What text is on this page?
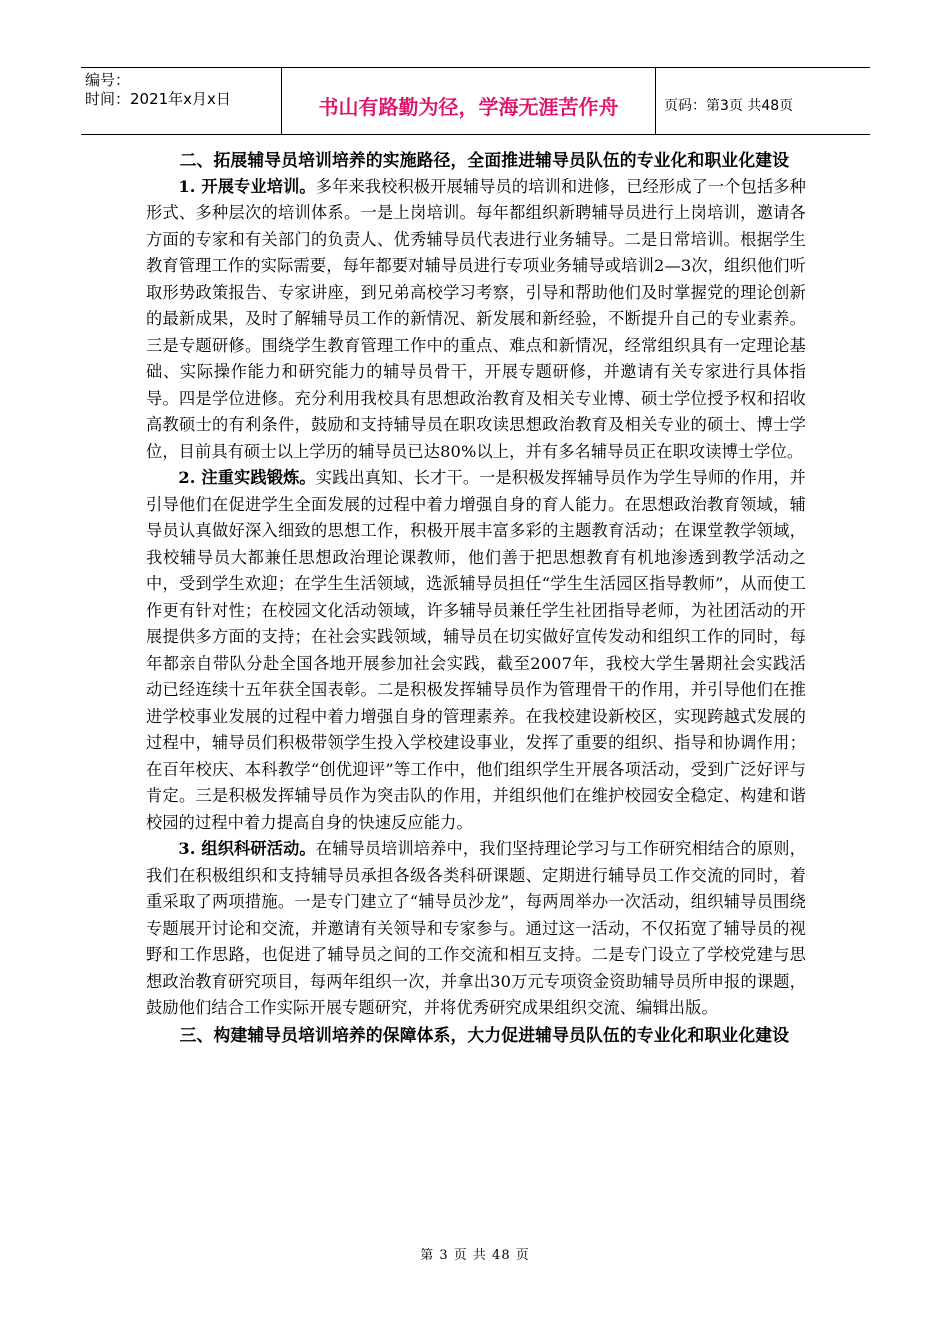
编号：
时间：2021年x月x日	书山有路勤为径，学海无涯苦作舟	页码：第3页 共48页

二、拓展辅导员培训培养的实施路径，全面推进辅导员队伍的专业化和职业化建设

1. 开展专业培训。多年来我校积极开展辅导员的培训和进修，已经形成了一个包括多种形式、多种层次的培训体系。一是上岗培训。每年都组织新聘辅导员进行上岗培训，邀请各方面的专家和有关部门的负责人、优秀辅导员代表进行业务辅导。二是日常培训。根据学生教育管理工作的实际需要，每年都要对辅导员进行专项业务辅导或培训2—3次，组织他们听取形势政策报告、专家讲座，到兄弟高校学习考察，引导和帮助他们及时掌握党的理论创新的最新成果，及时了解辅导员工作的新情况、新发展和新经验，不断提升自己的专业素养。三是专题研修。围绕学生教育管理工作中的重点、难点和新情况，经常组织具有一定理论基础、实际操作能力和研究能力的辅导员骨干，开展专题研修，并邀请有关专家进行具体指导。四是学位进修。充分利用我校具有思想政治教育及相关专业博、硕士学位授予权和招收高教硕士的有利条件，鼓励和支持辅导员在职攻读思想政治教育及相关专业的硕士、博士学位，目前具有硕士以上学历的辅导员已达80%以上，并有多名辅导员正在职攻读博士学位。

2. 注重实践锻炼。实践出真知、长才干。一是积极发挥辅导员作为学生导师的作用，并引导他们在促进学生全面发展的过程中着力增强自身的育人能力。在思想政治教育领域，辅导员认真做好深入细致的思想工作，积极开展丰富多彩的主题教育活动；在课堂教学领域，我校辅导员大都兼任思想政治理论课教师，他们善于把思想教育有机地渗透到教学活动之中，受到学生欢迎；在学生生活领域，选派辅导员担任“学生生活园区指导教师”，从而使工作更有针对性；在校园文化活动领域，许多辅导员兼任学生社团指导老师，为社团活动的开展提供多方面的支持；在社会实践领域，辅导员在切实做好宣传发动和组织工作的同时，每年都亲自带队分赴全国各地开展参加社会实践，截至2007年，我校大学生暑期社会实践活动已经连续十五年获全国表彰。二是积极发挥辅导员作为管理骨干的作用，并引导他们在推进学校事业发展的过程中着力增强自身的管理素养。在我校建设新校区，实现跨越式发展的过程中，辅导员们积极带领学生投入学校建设事业，发挥了重要的组织、指导和协调作用；在百年校庆、本科教学“创优迎评”等工作中，他们组织学生开展各项活动，受到广泛好评与肯定。三是积极发挥辅导员作为突击队的作用，并组织他们在维护校园安全稳定、构建和谐校园的过程中着力提高自身的快速反应能力。

3. 组织科研活动。在辅导员培训培养中，我们坚持理论学习与工作研究相结合的原则，我们在积极组织和支持辅导员承担各级各类科研课题、定期进行辅导员工作交流的同时，着重采取了两项措施。一是专门建立了“辅导员沙龙”，每两周举办一次活动，组织辅导员围绕专题展开讨论和交流，并邀请有关领导和专家参与。通过这一活动，不仅拓宽了辅导员的视野和工作思路，也促进了辅导员之间的工作交流和相互支持。二是专门设立了学校党建与思想政治教育研究项目，每两年组织一次，并拿出30万元专项资金资助辅导员所申报的课题，鼓励他们结合工作实际开展专题研究，并将优秀研究成果组织交流、编辑出版。

三、构建辅导员培训培养的保障体系，大力促进辅导员队伍的专业化和职业化建设

第 3 页 共 48 页
